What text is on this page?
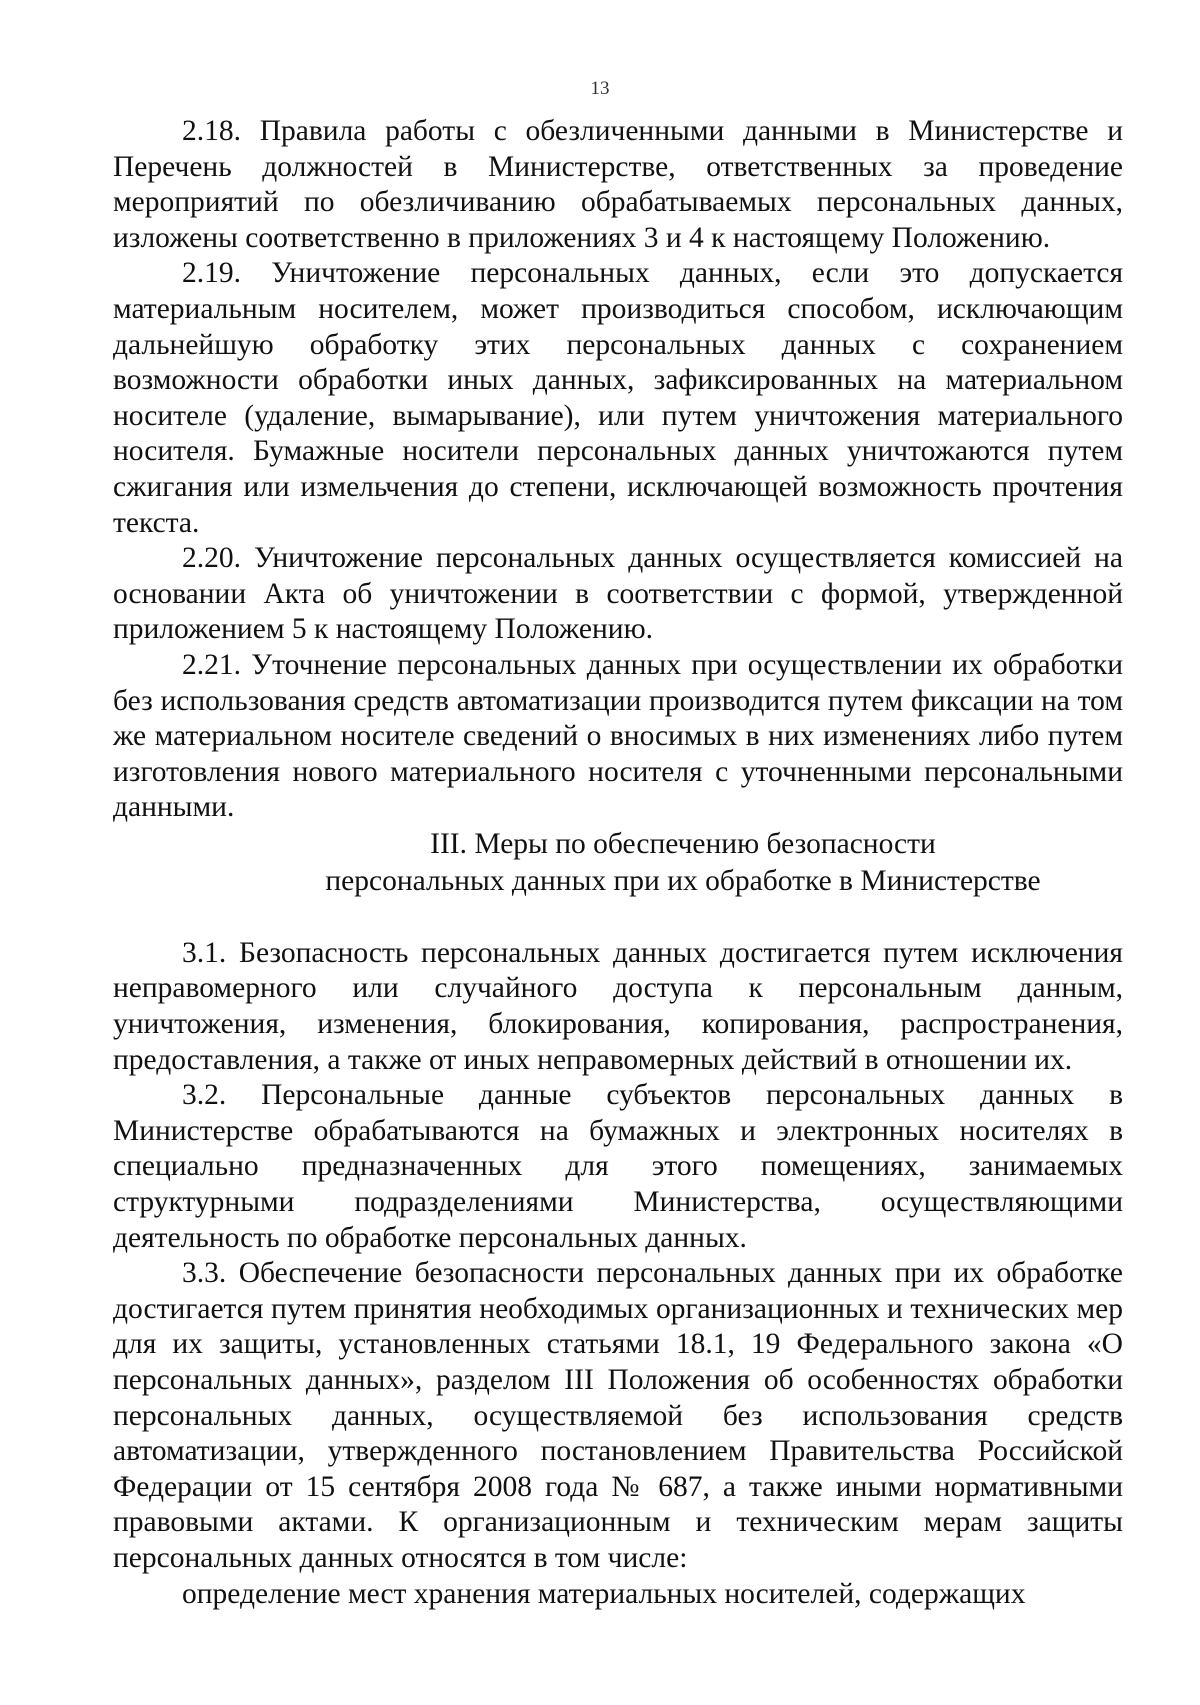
13

2.18. Правила работы с обезличенными данными в Министерстве и Перечень должностей в Министерстве, ответственных за проведение мероприятий по обезличиванию обрабатываемых персональных данных, изложены соответственно в приложениях 3 и 4 к настоящему Положению.

2.19. Уничтожение персональных данных, если это допускается материальным носителем, может производиться способом, исключающим дальнейшую обработку этих персональных данных с сохранением возможности обработки иных данных, зафиксированных на материальном носителе (удаление, вымарывание), или путем уничтожения материального носителя. Бумажные носители персональных данных уничтожаются путем сжигания или измельчения до степени, исключающей возможность прочтения текста.

2.20. Уничтожение персональных данных осуществляется комиссией на основании Акта об уничтожении в соответствии с формой, утвержденной приложением 5 к настоящему Положению.

2.21. Уточнение персональных данных при осуществлении их обработки без использования средств автоматизации производится путем фиксации на том же материальном носителе сведений о вносимых в них изменениях либо путем изготовления нового материального носителя с уточненными персональными данными.

III. Меры по обеспечению безопасности

персональных данных при их обработке в Министерстве

3.1. Безопасность персональных данных достигается путем исключения неправомерного или случайного доступа к персональным данным, уничтожения, изменения, блокирования, копирования, распространения, предоставления, а также от иных неправомерных действий в отношении их.

3.2. Персональные данные субъектов персональных данных в Министерстве обрабатываются на бумажных и электронных носителях в специально предназначенных для этого помещениях, занимаемых структурными подразделениями Министерства, осуществляющими деятельность по обработке персональных данных.

3.3. Обеспечение безопасности персональных данных при их обработке достигается путем принятия необходимых организационных и технических мер для их защиты, установленных статьями 18.1, 19 Федерального закона «О персональных данных», разделом III Положения об особенностях обработки персональных данных, осуществляемой без использования средств автоматизации, утвержденного постановлением Правительства Российской Федерации от 15 сентября 2008 года № 687, а также иными нормативными правовыми актами. К организационным и техническим мерам защиты персональных данных относятся в том числе:

определение мест хранения материальных носителей, содержащих
